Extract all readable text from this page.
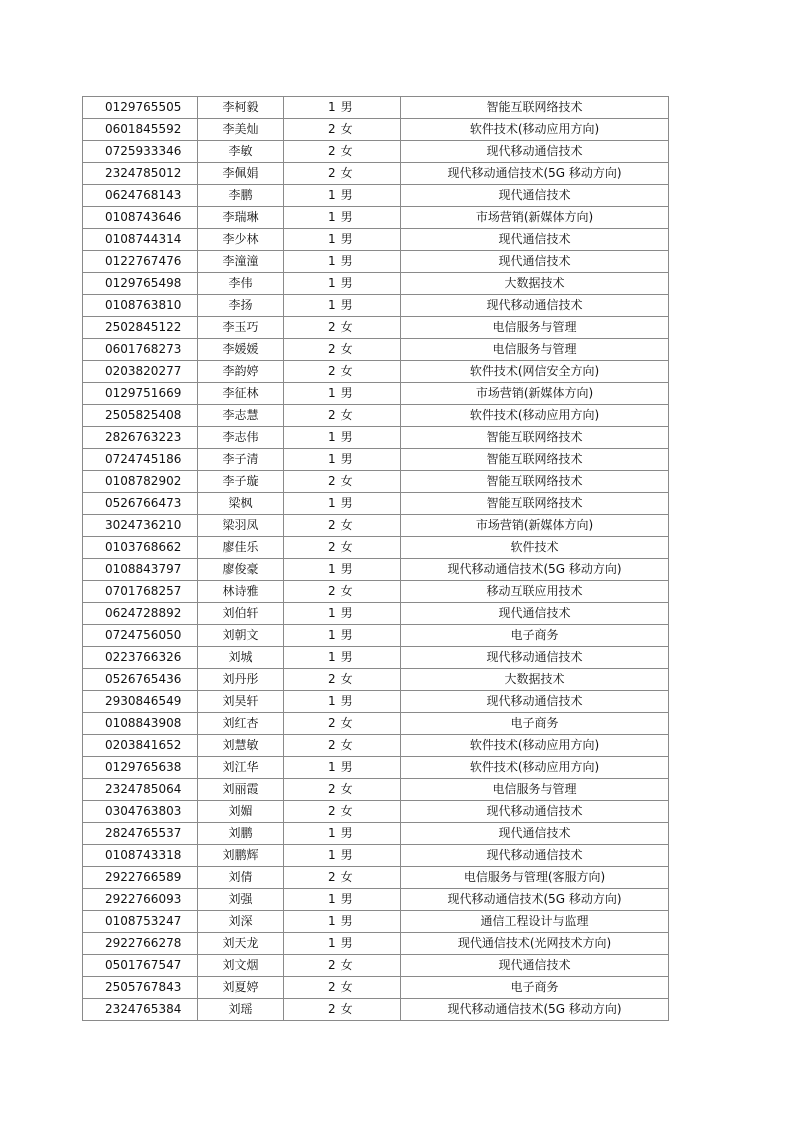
0129765505	李柯毅	1 男	智能互联网络技术
0601845592	李美灿	2 女	软件技术(移动应用方向)
0725933346	李敏	2 女	现代移动通信技术
2324785012	李佩娟	2 女	现代移动通信技术(5G 移动方向)
0624768143	李鹏	1 男	现代通信技术
0108743646	李瑞琳	1 男	市场营销(新媒体方向)
0108744314	李少林	1 男	现代通信技术
0122767476	李潼潼	1 男	现代通信技术
0129765498	李伟	1 男	大数据技术
0108763810	李扬	1 男	现代移动通信技术
2502845122	李玉巧	2 女	电信服务与管理
0601768273	李媛媛	2 女	电信服务与管理
0203820277	李韵婷	2 女	软件技术(网信安全方向)
0129751669	李征林	1 男	市场营销(新媒体方向)
2505825408	李志慧	2 女	软件技术(移动应用方向)
2826763223	李志伟	1 男	智能互联网络技术
0724745186	李子清	1 男	智能互联网络技术
0108782902	李子璇	2 女	智能互联网络技术
0526766473	梁枫	1 男	智能互联网络技术
3024736210	梁羽凤	2 女	市场营销(新媒体方向)
0103768662	廖佳乐	2 女	软件技术
0108843797	廖俊豪	1 男	现代移动通信技术(5G 移动方向)
0701768257	林诗雅	2 女	移动互联应用技术
0624728892	刘伯轩	1 男	现代通信技术
0724756050	刘朝文	1 男	电子商务
0223766326	刘城	1 男	现代移动通信技术
0526765436	刘丹彤	2 女	大数据技术
2930846549	刘昊轩	1 男	现代移动通信技术
0108843908	刘红杏	2 女	电子商务
0203841652	刘慧敏	2 女	软件技术(移动应用方向)
0129765638	刘江华	1 男	软件技术(移动应用方向)
2324785064	刘丽霞	2 女	电信服务与管理
0304763803	刘媚	2 女	现代移动通信技术
2824765537	刘鹏	1 男	现代通信技术
0108743318	刘鹏辉	1 男	现代移动通信技术
2922766589	刘倩	2 女	电信服务与管理(客服方向)
2922766093	刘强	1 男	现代移动通信技术(5G 移动方向)
0108753247	刘深	1 男	通信工程设计与监理
2922766278	刘天龙	1 男	现代通信技术(光网技术方向)
0501767547	刘文烟	2 女	现代通信技术
2505767843	刘夏婷	2 女	电子商务
2324765384	刘瑶	2 女	现代移动通信技术(5G 移动方向)
